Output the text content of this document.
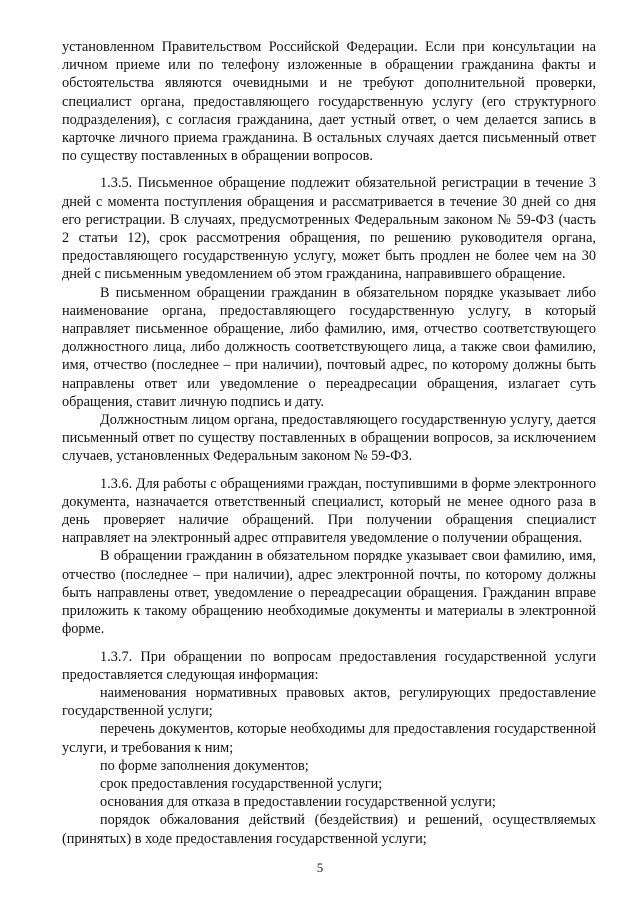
установленном Правительством Российской Федерации. Если при консультации на личном приеме или по телефону изложенные в обращении гражданина факты и обстоятельства являются очевидными и не требуют дополнительной проверки, специалист органа, предоставляющего государственную услугу (его структурного подразделения), с согласия гражданина, дает устный ответ, о чем делается запись в карточке личного приема гражданина. В остальных случаях дается письменный ответ по существу поставленных в обращении вопросов.

1.3.5. Письменное обращение подлежит обязательной регистрации в течение 3 дней с момента поступления обращения и рассматривается в течение 30 дней со дня его регистрации. В случаях, предусмотренных Федеральным законом № 59-ФЗ (часть 2 статьи 12), срок рассмотрения обращения, по решению руководителя органа, предоставляющего государственную услугу, может быть продлен не более чем на 30 дней с письменным уведомлением об этом гражданина, направившего обращение.

В письменном обращении гражданин в обязательном порядке указывает либо наименование органа, предоставляющего государственную услугу, в который направляет письменное обращение, либо фамилию, имя, отчество соответствующего должностного лица, либо должность соответствующего лица, а также свои фамилию, имя, отчество (последнее – при наличии), почтовый адрес, по которому должны быть направлены ответ или уведомление о переадресации обращения, излагает суть обращения, ставит личную подпись и дату.

Должностным лицом органа, предоставляющего государственную услугу, дается письменный ответ по существу поставленных в обращении вопросов, за исключением случаев, установленных Федеральным законом № 59-ФЗ.

1.3.6. Для работы с обращениями граждан, поступившими в форме электронного документа, назначается ответственный специалист, который не менее одного раза в день проверяет наличие обращений. При получении обращения специалист направляет на электронный адрес отправителя уведомление о получении обращения.

В обращении гражданин в обязательном порядке указывает свои фамилию, имя, отчество (последнее – при наличии), адрес электронной почты, по которому должны быть направлены ответ, уведомление о переадресации обращения. Гражданин вправе приложить к такому обращению необходимые документы и материалы в электронной форме.

1.3.7. При обращении по вопросам предоставления государственной услуги предоставляется следующая информация:

наименования нормативных правовых актов, регулирующих предоставление государственной услуги;

перечень документов, которые необходимы для предоставления государственной услуги, и требования к ним;

по форме заполнения документов;

срок предоставления государственной услуги;

основания для отказа в предоставлении государственной услуги;

порядок обжалования действий (бездействия) и решений, осуществляемых (принятых) в ходе предоставления государственной услуги;

5
